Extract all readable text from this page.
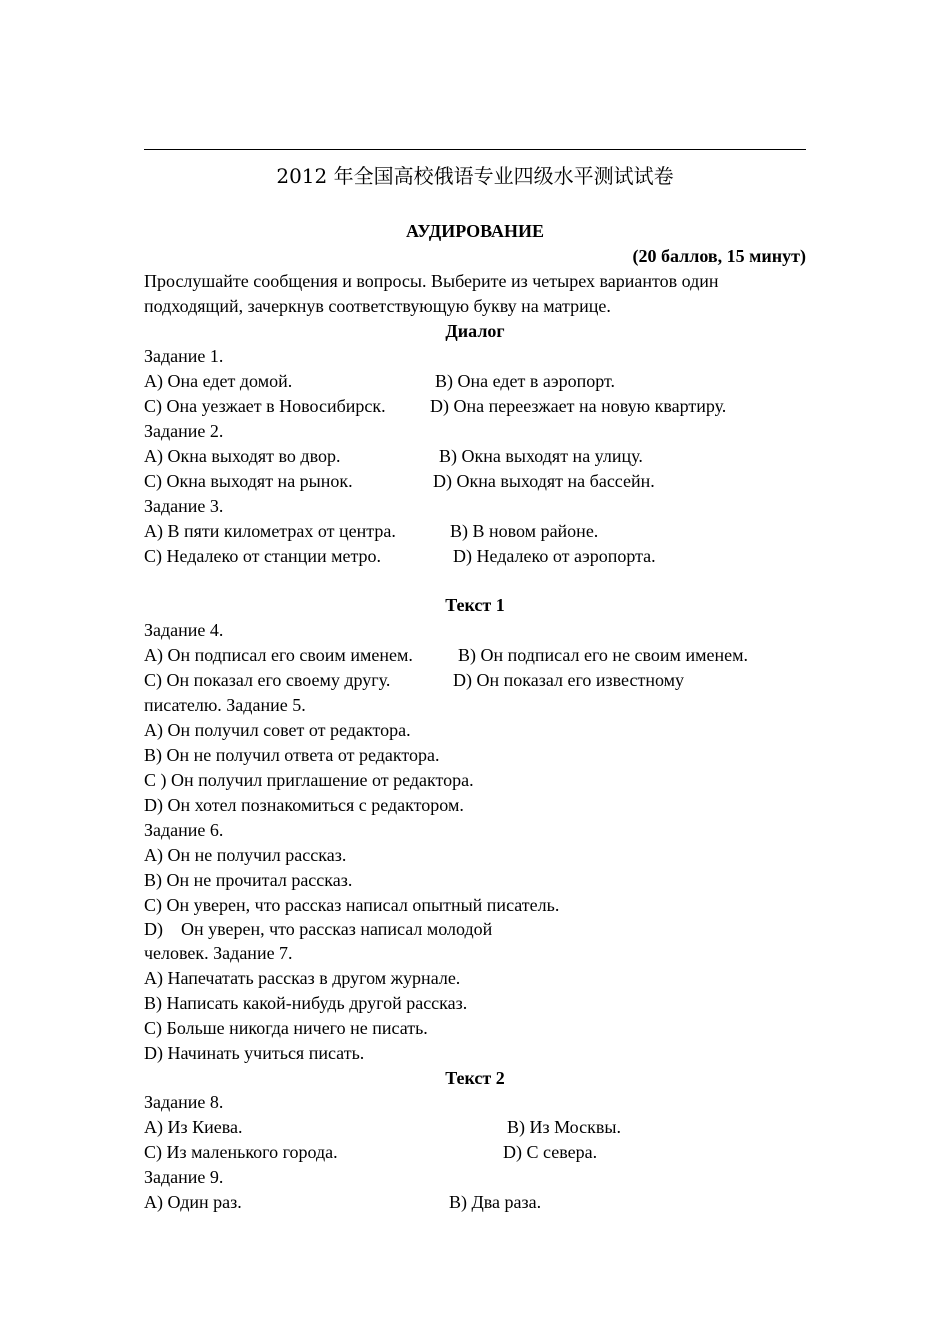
2012 年全国高校俄语专业四级水平测试试卷
АУДИРОВАНИЕ
(20 баллов, 15 минут)
Прослушайте сообщения и вопросы. Выберите из четырех вариантов один
подходящий, зачеркнув соответствующую букву на матрице.
Диалог
Задание 1.
A) Она едет домой.	B) Она едет в аэропорт.
C) Она уезжает в Новосибирск. D) Она переезжает на новую квартиру.
Задание 2.
A) Окна выходят во двор.	B) Окна выходят на улицу.
C) Окна выходят на рынок.	D) Окна выходят на бассейн.
Задание 3.
A) В пяти километрах от центра.	B) В новом районе.
C) Недалеко от станции метро.	D) Недалеко от аэропорта.
Текст 1
Задание 4.
A) Он подписал его своим именем.	B) Он подписал его не своим именем.
C) Он показал его своему другу.	D) Он показал его известному
писателю. Задание 5.
A) Он получил совет от редактора.
B) Он не получил ответа от редактора.
C ) Он получил приглашение от редактора.
D) Он хотел познакомиться с редактором.
Задание 6.
A) Он не получил рассказ.
B) Он не прочитал рассказ.
C) Он уверен, что рассказ написал опытный писатель.
D)    Он уверен, что рассказ написал молодой
человек. Задание 7.
A) Напечатать рассказ в другом журнале.
B) Написать какой-нибудь другой рассказ.
C) Больше никогда ничего не писать.
D) Начинать учиться писать.
Текст 2
Задание 8.
A) Из Киева.	B) Из Москвы.
C) Из маленького города.	D) С севера.
Задание 9.
A) Один раз.	B) Два раза.
